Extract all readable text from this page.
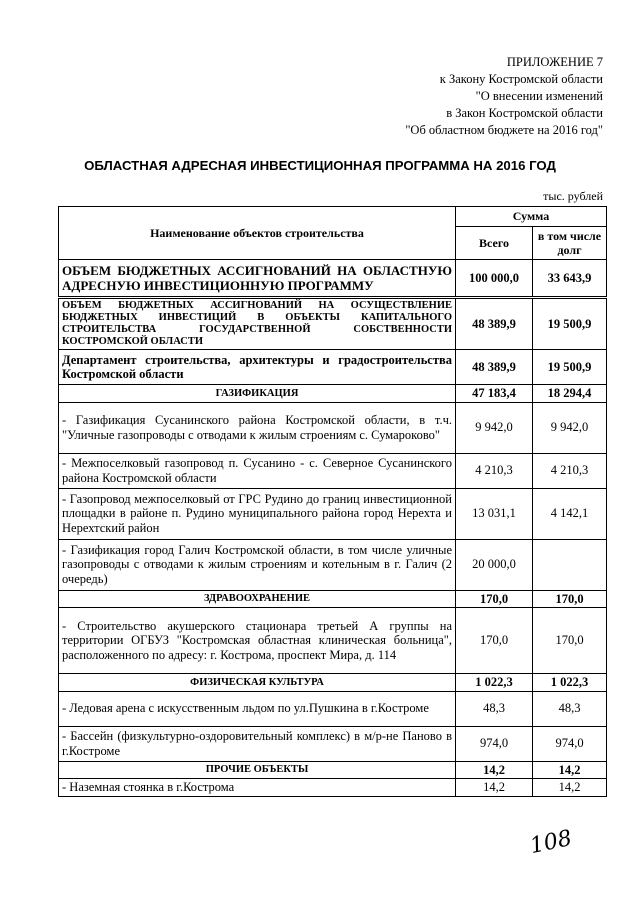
ПРИЛОЖЕНИЕ 7
к Закону Костромской области
"О внесении изменений
в Закон Костромской области
"Об областном бюджете на 2016 год"
ОБЛАСТНАЯ АДРЕСНАЯ ИНВЕСТИЦИОННАЯ ПРОГРАММА НА 2016 ГОД
тыс. рублей
Наименование объектов строительства	Сумма	
	Всего	в том числе долг
ОБЪЕМ БЮДЖЕТНЫХ АССИГНОВАНИЙ НА ОБЛАСТНУЮ АДРЕСНУЮ ИНВЕСТИЦИОННУЮ ПРОГРАММУ	100 000,0	33 643,9
ОБЪЕМ БЮДЖЕТНЫХ АССИГНОВАНИЙ НА ОСУЩЕСТВЛЕНИЕ БЮДЖЕТНЫХ ИНВЕСТИЦИЙ В ОБЪЕКТЫ КАПИТАЛЬНОГО СТРОИТЕЛЬСТВА ГОСУДАРСТВЕННОЙ СОБСТВЕННОСТИ КОСТРОМСКОЙ ОБЛАСТИ	48 389,9	19 500,9
Департамент строительства, архитектуры и градостроительства Костромской области	48 389,9	19 500,9
ГАЗИФИКАЦИЯ	47 183,4	18 294,4
- Газификация Сусанинского района Костромской области, в т.ч. "Уличные газопроводы с отводами к жилым строениям с. Сумароково"	9 942,0	9 942,0
- Межпоселковый газопровод п. Сусанино - с. Северное Сусанинского района Костромской области	4 210,3	4 210,3
- Газопровод межпоселковый от ГРС Рудино до границ инвестиционной площадки в районе п. Рудино муниципального района город Нерехта и Нерехтский район	13 031,1	4 142,1
- Газификация город Галич Костромской области, в том числе уличные газопроводы с отводами к жилым строениям и котельным в г. Галич (2 очередь)	20 000,0	
ЗДРАВООХРАНЕНИЕ	170,0	170,0
- Строительство акушерского стационара третьей А группы на территории ОГБУЗ "Костромская областная клиническая больница", расположенного по адресу: г. Кострома, проспект Мира, д. 114	170,0	170,0
ФИЗИЧЕСКАЯ КУЛЬТУРА	1 022,3	1 022,3
- Ледовая арена с искусственным льдом по ул.Пушкина в г.Костроме	48,3	48,3
- Бассейн (физкультурно-оздоровительный комплекс) в м/р-не Паново в г.Костроме	974,0	974,0
ПРОЧИЕ ОБЪЕКТЫ	14,2	14,2
- Наземная стоянка в г.Кострома	14,2	14,2
108
